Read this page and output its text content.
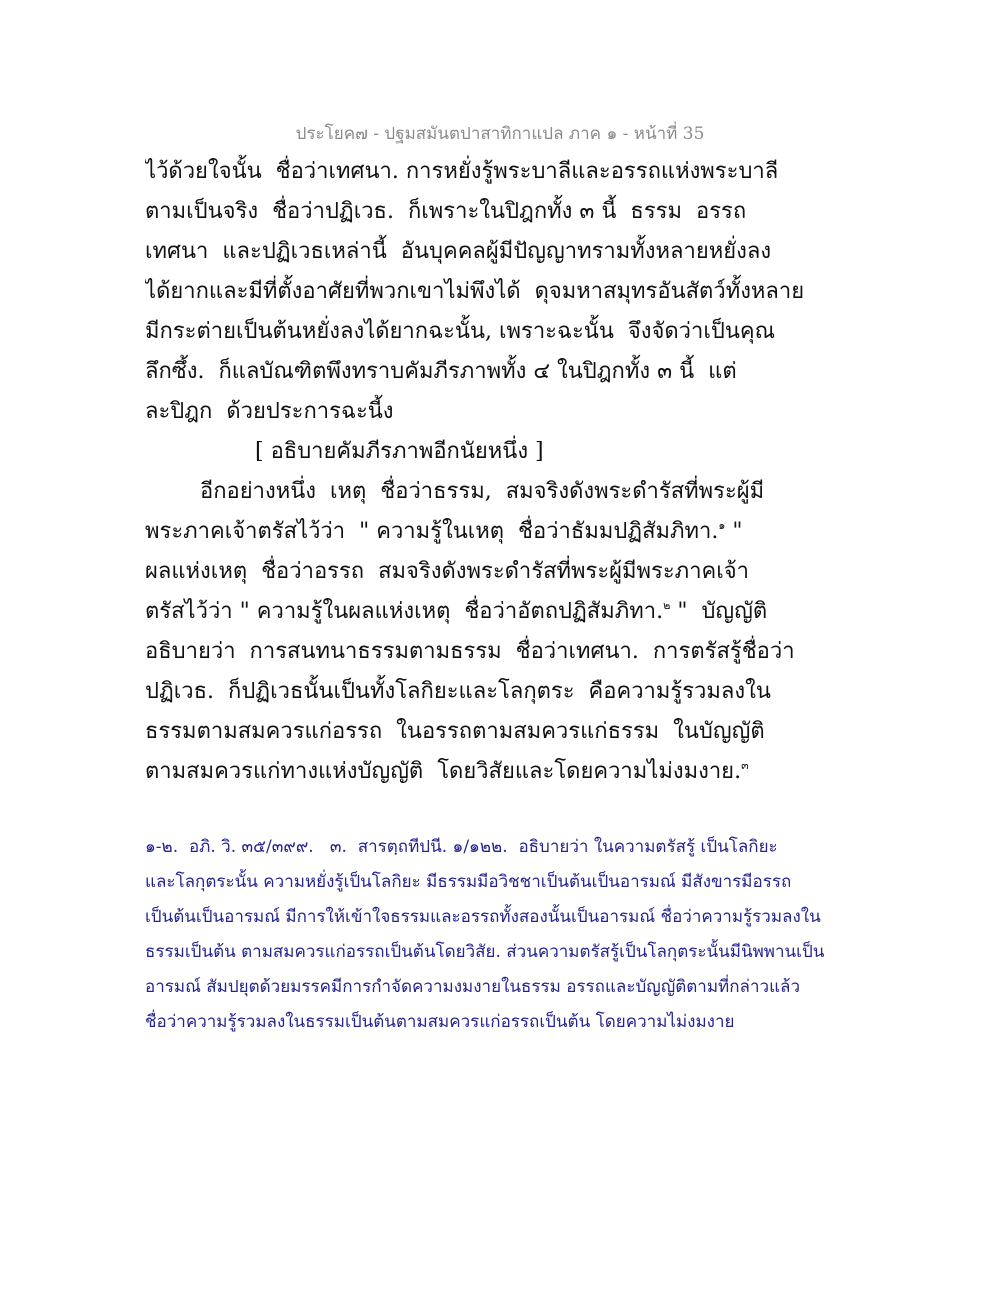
ประโยค๗ - ปฐมสมันตปาสาทิกาแปล ภาค ๑ - หน้าที่ 35
ไว้ด้วยใจนั้น  ชื่อว่าเทศนา. การหยั่งรู้พระบาลีและอรรถแห่งพระบาลี
ตามเป็นจริง  ชื่อว่าปฏิเวธ.  ก็เพราะในปิฎกทั้ง ๓ นี้  ธรรม  อรรถ
เทศนา  และปฏิเวธเหล่านี้  อันบุคคลผู้มีปัญญาทรามทั้งหลายหยั่งลง
ได้ยากและมีที่ตั้งอาศัยที่พวกเขาไม่พึงได้  ดุจมหาสมุทรอันสัตว์ทั้งหลาย
มีกระต่ายเป็นต้นหยั่งลงได้ยากฉะนั้น, เพราะฉะนั้น  จึงจัดว่าเป็นคุณ
ลึกซึ้ง.  ก็แลบัณฑิตพึงทราบคัมภีรภาพทั้ง ๔ ในปิฎกทั้ง ๓ นี้  แต่
ละปิฎก  ด้วยประการฉะนี้ง
[ อธิบายคัมภีรภาพอีกนัยหนึ่ง ]
อีกอย่างหนึ่ง  เหตุ  ชื่อว่าธรรม,  สมจริงดังพระดำรัสที่พระผู้มี
พระภาคเจ้าตรัสไว้ว่า  " ความรู้ในเหตุ  ชื่อว่าธัมมปฏิสัมภิทา.$^๑$ "
ผลแห่งเหตุ  ชื่อว่าอรรถ  สมจริงดังพระดำรัสที่พระผู้มีพระภาคเจ้า
ตรัสไว้ว่า " ความรู้ในผลแห่งเหตุ  ชื่อว่าอัตถปฏิสัมภิทา.$^๒$ "  บัญญัติ
อธิบายว่า  การสนทนาธรรมตามธรรม  ชื่อว่าเทศนา.  การตรัสรู้ชื่อว่า
ปฏิเวธ.  ก็ปฏิเวธนั้นเป็นทั้งโลกิยะและโลกุตระ  คือความรู้รวมลงใน
ธรรมตามสมควรแก่อรรถ  ในอรรถตามสมควรแก่ธรรม  ในบัญญัติ
ตามสมควรแก่ทางแห่งบัญญัติ  โดยวิสัยและโดยความไม่งมงาย.$^๓$
๑-๒.  อภิ. วิ. ๓๕/๓๙๙.   ๓.  สารตฺถทีปนี. ๑/๑๒๒.  อธิบายว่า ในความตรัสรู้ เป็นโลกิยะ
และโลกุตระนั้น ความหยั่งรู้เป็นโลกิยะ มีธรรมมีอวิชชาเป็นต้นเป็นอารมณ์ มีสังขารมีอรรถ
เป็นต้นเป็นอารมณ์ มีการให้เข้าใจธรรมและอรรถทั้งสองนั้นเป็นอารมณ์ ชื่อว่าความรู้รวมลงใน
ธรรมเป็นต้น ตามสมควรแก่อรรถเป็นต้นโดยวิสัย. ส่วนความตรัสรู้เป็นโลกุตระนั้นมีนิพพานเป็น
อารมณ์ สัมปยุตด้วยมรรคมีการกำจัดความงมงายในธรรม อรรถและบัญญัติตามที่กล่าวแล้ว
ชื่อว่าความรู้รวมลงในธรรมเป็นต้นตามสมควรแก่อรรถเป็นต้น โดยความไม่งมงาย
